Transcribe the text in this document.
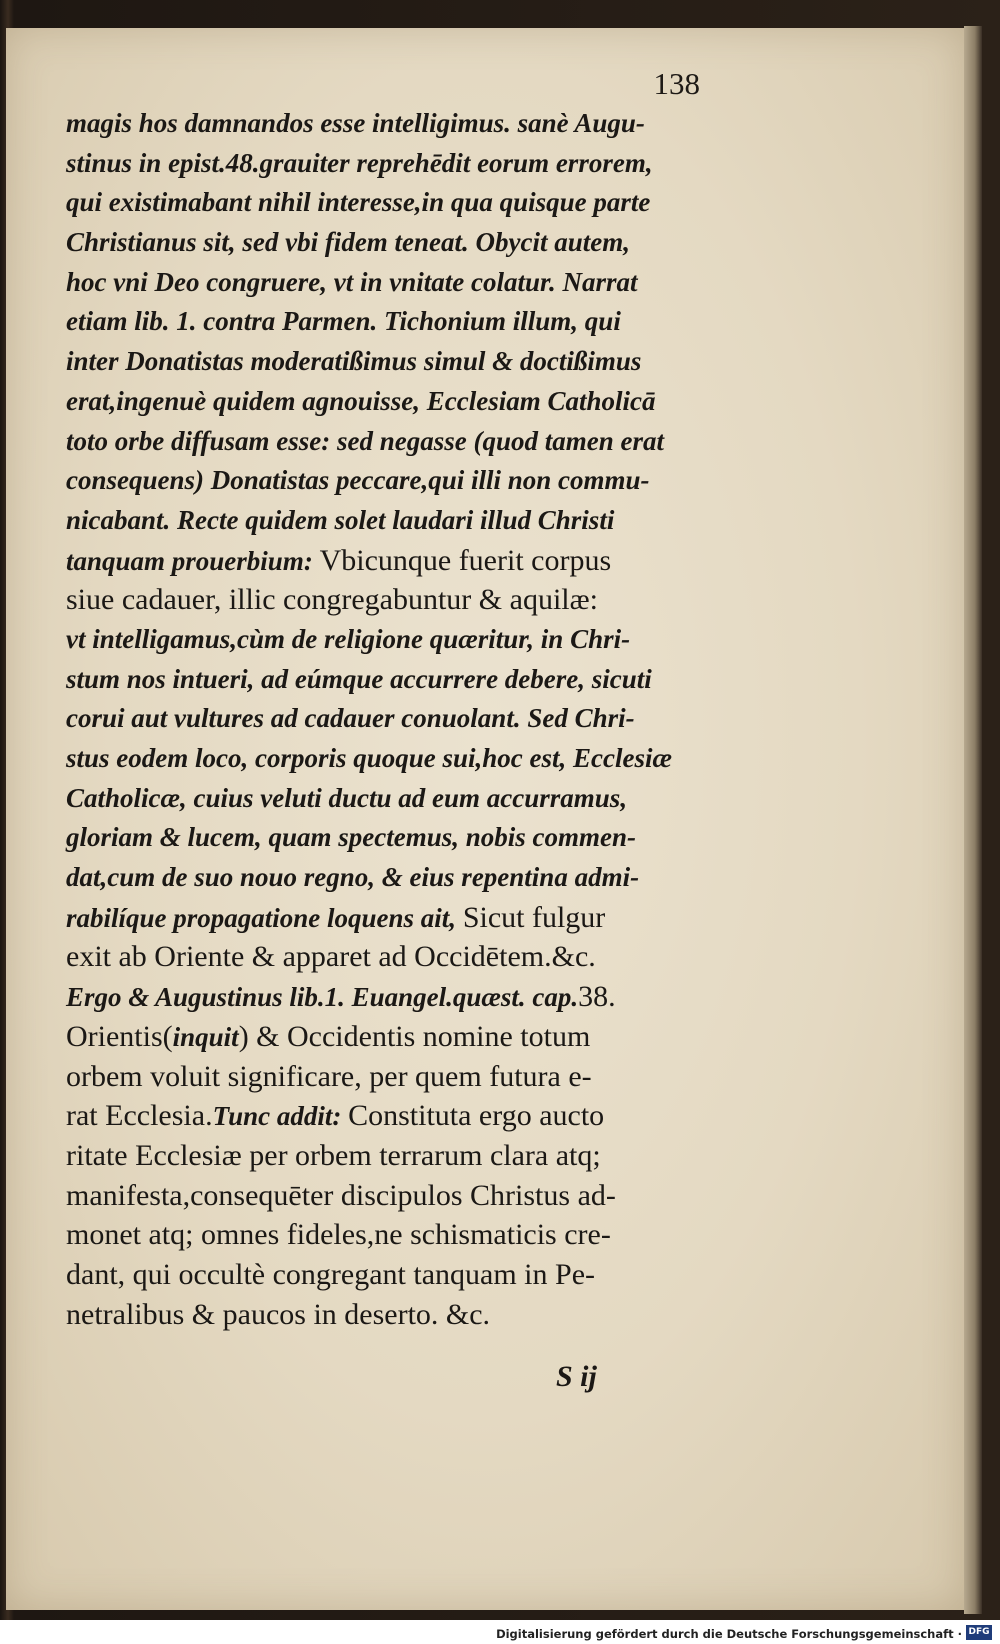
138
magis hos damnandos esse intelligimus. sanè Augu-
stinus in epist.48.grauiter reprehēdit eorum errorem,
qui existimabant nihil interesse,in qua quisque parte
Christianus sit, sed vbi fidem teneat. Obycit autem,
hoc vni Deo congruere, vt in vnitate colatur. Narrat
etiam lib. 1. contra Parmen. Tichonium illum, qui
inter Donatistas moderatißimus simul & doctißimus
erat,ingenuè quidem agnouisse, Ecclesiam Catholicā
toto orbe diffusam esse: sed negasse (quod tamen erat
consequens) Donatistas peccare,qui illi non commu-
nicabant. Recte quidem solet laudari illud Christi
tanquam prouerbium: Vbicunque fuerit corpus
siue cadauer, illic congregabuntur & aquilæ:
vt intelligamus,cùm de religione quæritur, in Chri-
stum nos intueri, ad eúmque accurrere debere, sicuti
corui aut vultures ad cadauer conuolant. Sed Chri-
stus eodem loco, corporis quoque sui,hoc est, Ecclesiæ
Catholicæ, cuius veluti ductu ad eum accurramus,
gloriam & lucem, quam spectemus, nobis commen-
dat,cum de suo nouo regno, & eius repentina admi-
rabilíque propagatione loquens ait, Sicut fulgur
exit ab Oriente & apparet ad Occidētem.&c.
Ergo & Augustinus lib.1. Euangel.quæst. cap.38.
Orientis(inquit) & Occidentis nomine totum
orbem voluit significare, per quem futura e-
rat Ecclesia.Tunc addit: Constituta ergo aucto
ritate Ecclesiæ per orbem terrarum clara atq;
manifesta,consequēter discipulos Christus ad-
monet atq; omnes fideles,ne schismaticis cre-
dant, qui occultè congregant tanquam in Pe-
netralibus & paucos in deserto. &c.
S ij
Digitalisierung gefördert durch die Deutsche Forschungsgemeinschaft · DFG
